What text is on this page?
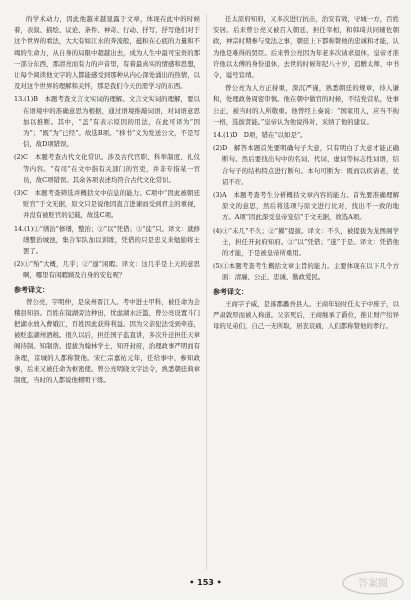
的学术动力，因此他越来越显露于文章，体现在此中的时候着，表叙、描绘、议论、条件、神奇、行动、抒写，抒写他们对于这个世界的看法，大大有如江水的奔流般，蕴积在心底的力量和不竭的生命力，从自身的局限中超越出去，成为人生中最可宝贵的那一部分东西，那清亮而有力的声音里，有着最真实的情感和思想，让每个阅读他文字的人都能感受到那种从内心深处涌出的热情，以及对这个世界的理解和关怀，那是我们今天仍需学习的东西。

13.(1)B　本题考查文言文实词的理解。文言文实词的理解，要以在语境中的准确意思为根据，通过语境推敲词语，对词语意思加以推断。其中，“盖”有表示原因的用法，在此可译为“因为”；“既”为“已经”。故选B项。“移书”义为发送公文，不是写信，故D项错误。

(2)C　本题考查古代文化常识。涉及古代官职、科举制度、礼仪等内容。“有司”在文中指有关部门的官吏，并非专指某一官员，故C项错误。其余各项表述均符合古代文化常识。

(3)C　本题考查筛选并概括文中信息的能力。C项中“因此被朝廷贬官”于文无据，原文只是说他因直言进谏而受到君主的重视，并没有被贬官的记载，故选C项。

14.(1)①“缮治”修缮，整治；②“以”凭借；③“徒”只。译文：就修缮整治城池，集合军队加以训练，凭借的只是忠义来勉励将士罢了。

(2)①“殆”大概，几乎；②“遑”闲暇。译文：这几乎是上天的意思啊，哪里有闲暇顾及自身的安危呢？

参考译文：

曾公亮，字明仲，是泉州晋江人。考中进士甲科，被任命为会稽县知县。百姓在镜湖旁边种田，忧虑湖水泛滥，曾公亮设置斗门把湖水放入曹娥江，百姓因此获得利益。因为父亲犯法受到牵连，被贬监湖州酒税。很久以后，担任国子监直讲，多次升迁担任天章阁待制、知制诰。提拔为翰林学士，知开封府，治理政事严明而有条理，京城的人都称赞他。宋仁宗嘉祐元年，任给事中、参知政事，后来又被任命为枢密使。曾公亮明晓文字法令，熟悉朝廷典章制度，当时的人都说他精明干练。

任太原府知府，又多次进行抗击，治安有效，守城一方，百姓安居。后来曾公亮又被召入朝廷，担任宰相，和韩琦共同辅佐朝政，神宗时期参与变法之事，朝廷上下都称赞他的忠诚和才能，认为他是难得的贤臣。后来曾公亮因为年老多次请求退休，皇帝才准许他以太傅的身份退休，去世的时候年纪八十岁，追赠太师、中书令，谥号宣靖。

曾公亮为人方正持重，深沉严谨，熟悉朝廷的规章，待人谦和，处理政务周密审慎。他在朝中做官的时候，不结党营私，处事公正，被当时的人所敬重。他曾经上奏说：“国家用人，应当不拘一格，选拔贤能。”皇帝认为他说得对，采纳了他的建议。

14.(1)D　D项，错在“以如是”。

(2)D　解答本题首先要明确句子大意，只有明白了大意才能正确断句。然后要找出句中的名词、代词、虚词等标志性词语，结合句子的结构特点进行断句。本句可断为：既而以疾请老，优诏不许。

(3)A　本题考查考生分析概括文章内容的能力。首先要准确理解原文的意思，然后将选项与原文进行比对，找出不一致的地方。A项“因此深受皇帝宠信”于文无据，故选A项。

(4)①“未几”不久；②“擢”提拔。译文：不久，被提拔为龙图阁学士，担任开封府知府。②“以”凭借；“遂”于是。译文：凭借他的才能，于是被皇帝所重用。

(5)①本题考查考生概括文章主旨的能力。主要体现在以下几个方面：清廉、公正、忠诚、勤政爱民。

参考译文：

王商字子威，是涿郡蠡吾县人。王商年轻时任太子中庶子，以严肃敦厚而被人称道。父亲死后，王商继承了爵位，推让财产给异母的兄弟们，自己一无所取，居丧哀痛，人们都称赞他的孝行。

• 153 •	答案圈
